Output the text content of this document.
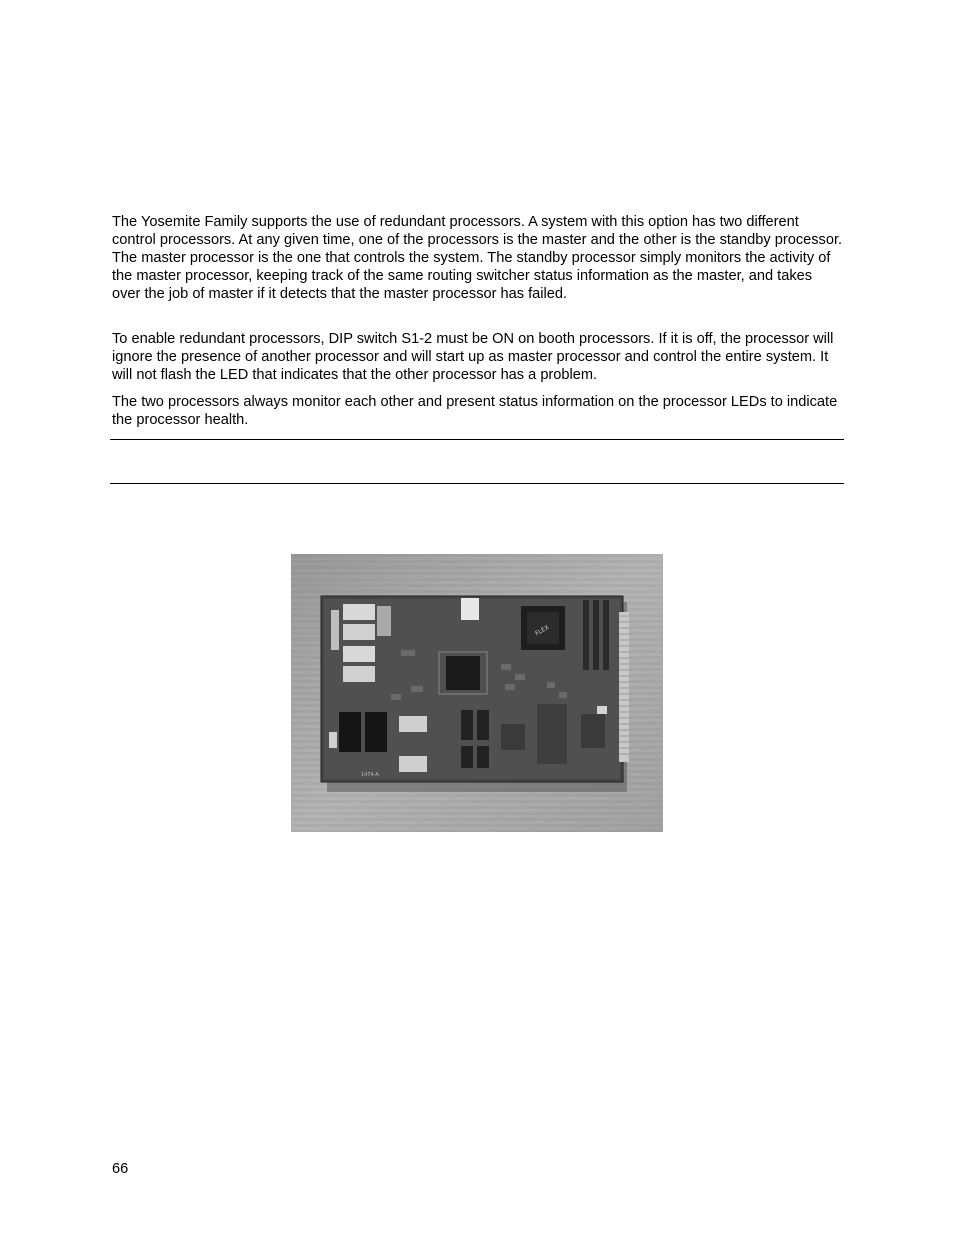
The Yosemite Family supports the use of redundant processors. A system with this option has two different control processors. At any given time, one of the processors is the master and the other is the standby processor. The master processor is the one that controls the system. The standby processor simply monitors the activity of the master processor, keeping track of the same routing switcher status information as the master, and takes over the job of master if it detects that the master processor has failed.

To enable redundant processors, DIP switch S1-2 must be ON on booth processors. If it is off, the processor will ignore the presence of another processor and will start up as master processor and control the entire system. It will not flash the LED that indicates that the other processor has a problem.

The two processors always monitor each other and present status information on the processor LEDs to indicate the processor health.

FLEX
1474-A
66
